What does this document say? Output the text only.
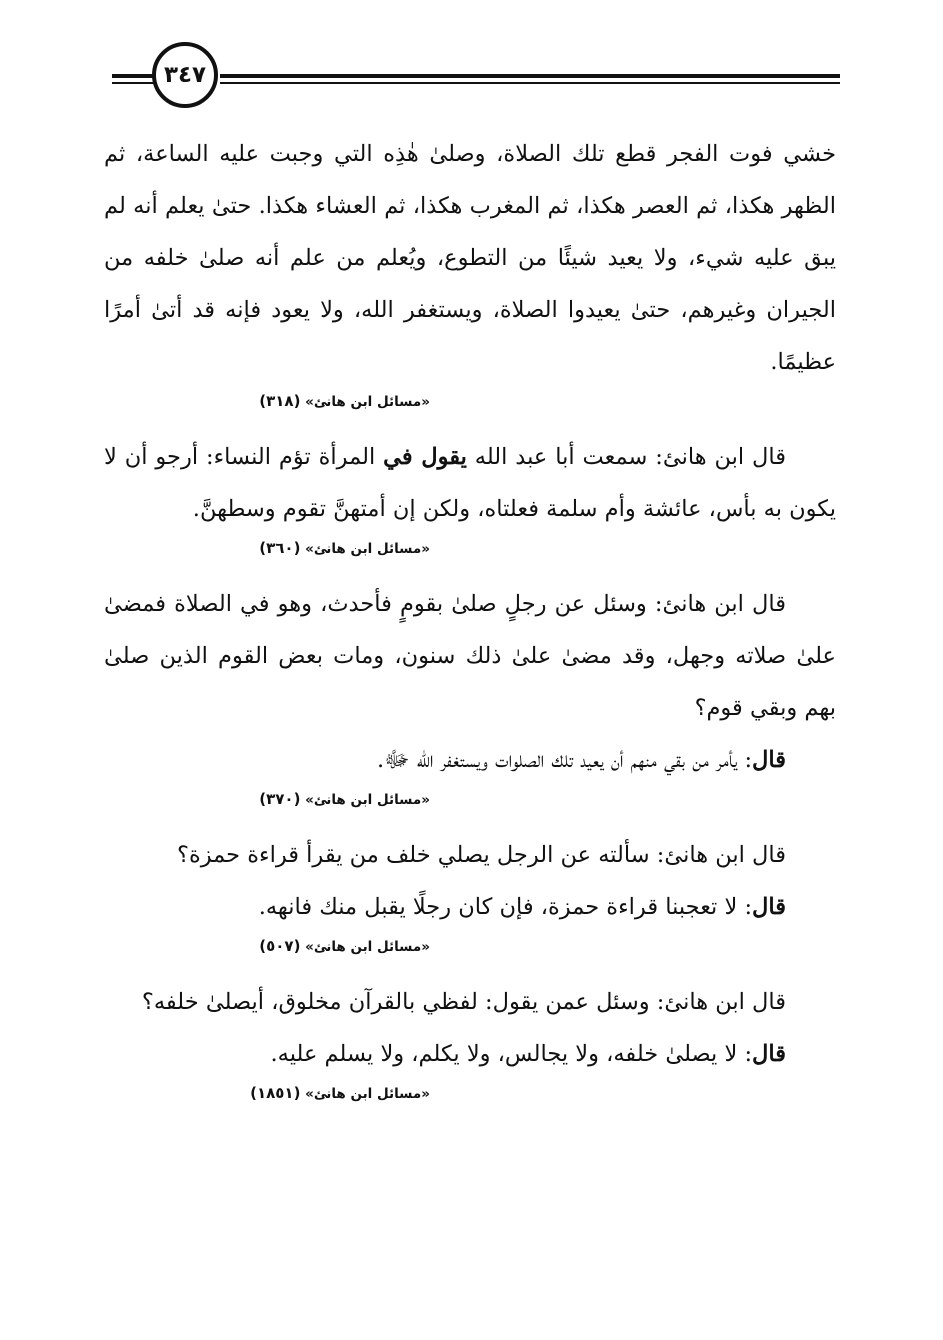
٣٤٧

خشي فوت الفجر قطع تلك الصلاة، وصلىٰ هٰذِه التي وجبت عليه الساعة، ثم الظهر هكذا، ثم العصر هكذا، ثم المغرب هكذا، ثم العشاء هكذا. حتىٰ يعلم أنه لم يبق عليه شيء، ولا يعيد شيئًا من التطوع، ويُعلم من علم أنه صلىٰ خلفه من الجيران وغيرهم، حتىٰ يعيدوا الصلاة، ويستغفر الله، ولا يعود فإنه قد أتىٰ أمرًا عظيمًا.

«مسائل ابن هانئ» (٣١٨)

قال ابن هانئ: سمعت أبا عبد الله يقول في المرأة تؤم النساء: أرجو أن لا يكون به بأس، عائشة وأم سلمة فعلتاه، ولكن إن أمتهنَّ تقوم وسطهنَّ.

«مسائل ابن هانئ» (٣٦٠)

قال ابن هانئ: وسئل عن رجلٍ صلىٰ بقومٍ فأحدث، وهو في الصلاة فمضىٰ علىٰ صلاته وجهل، وقد مضىٰ علىٰ ذلك سنون، ومات بعض القوم الذين صلىٰ بهم وبقي قوم؟

قال: يأمر من بقي منهم أن يعيد تلك الصلوات ويستغفر الله ﷻ.

«مسائل ابن هانئ» (٣٧٠)

قال ابن هانئ: سألته عن الرجل يصلي خلف من يقرأ قراءة حمزة؟

قال: لا تعجبنا قراءة حمزة، فإن كان رجلًا يقبل منك فانهه.

«مسائل ابن هانئ» (٥٠٧)

قال ابن هانئ: وسئل عمن يقول: لفظي بالقرآن مخلوق، أيصلىٰ خلفه؟

قال: لا يصلىٰ خلفه، ولا يجالس، ولا يكلم، ولا يسلم عليه.

«مسائل ابن هانئ» (١٨٥١)
